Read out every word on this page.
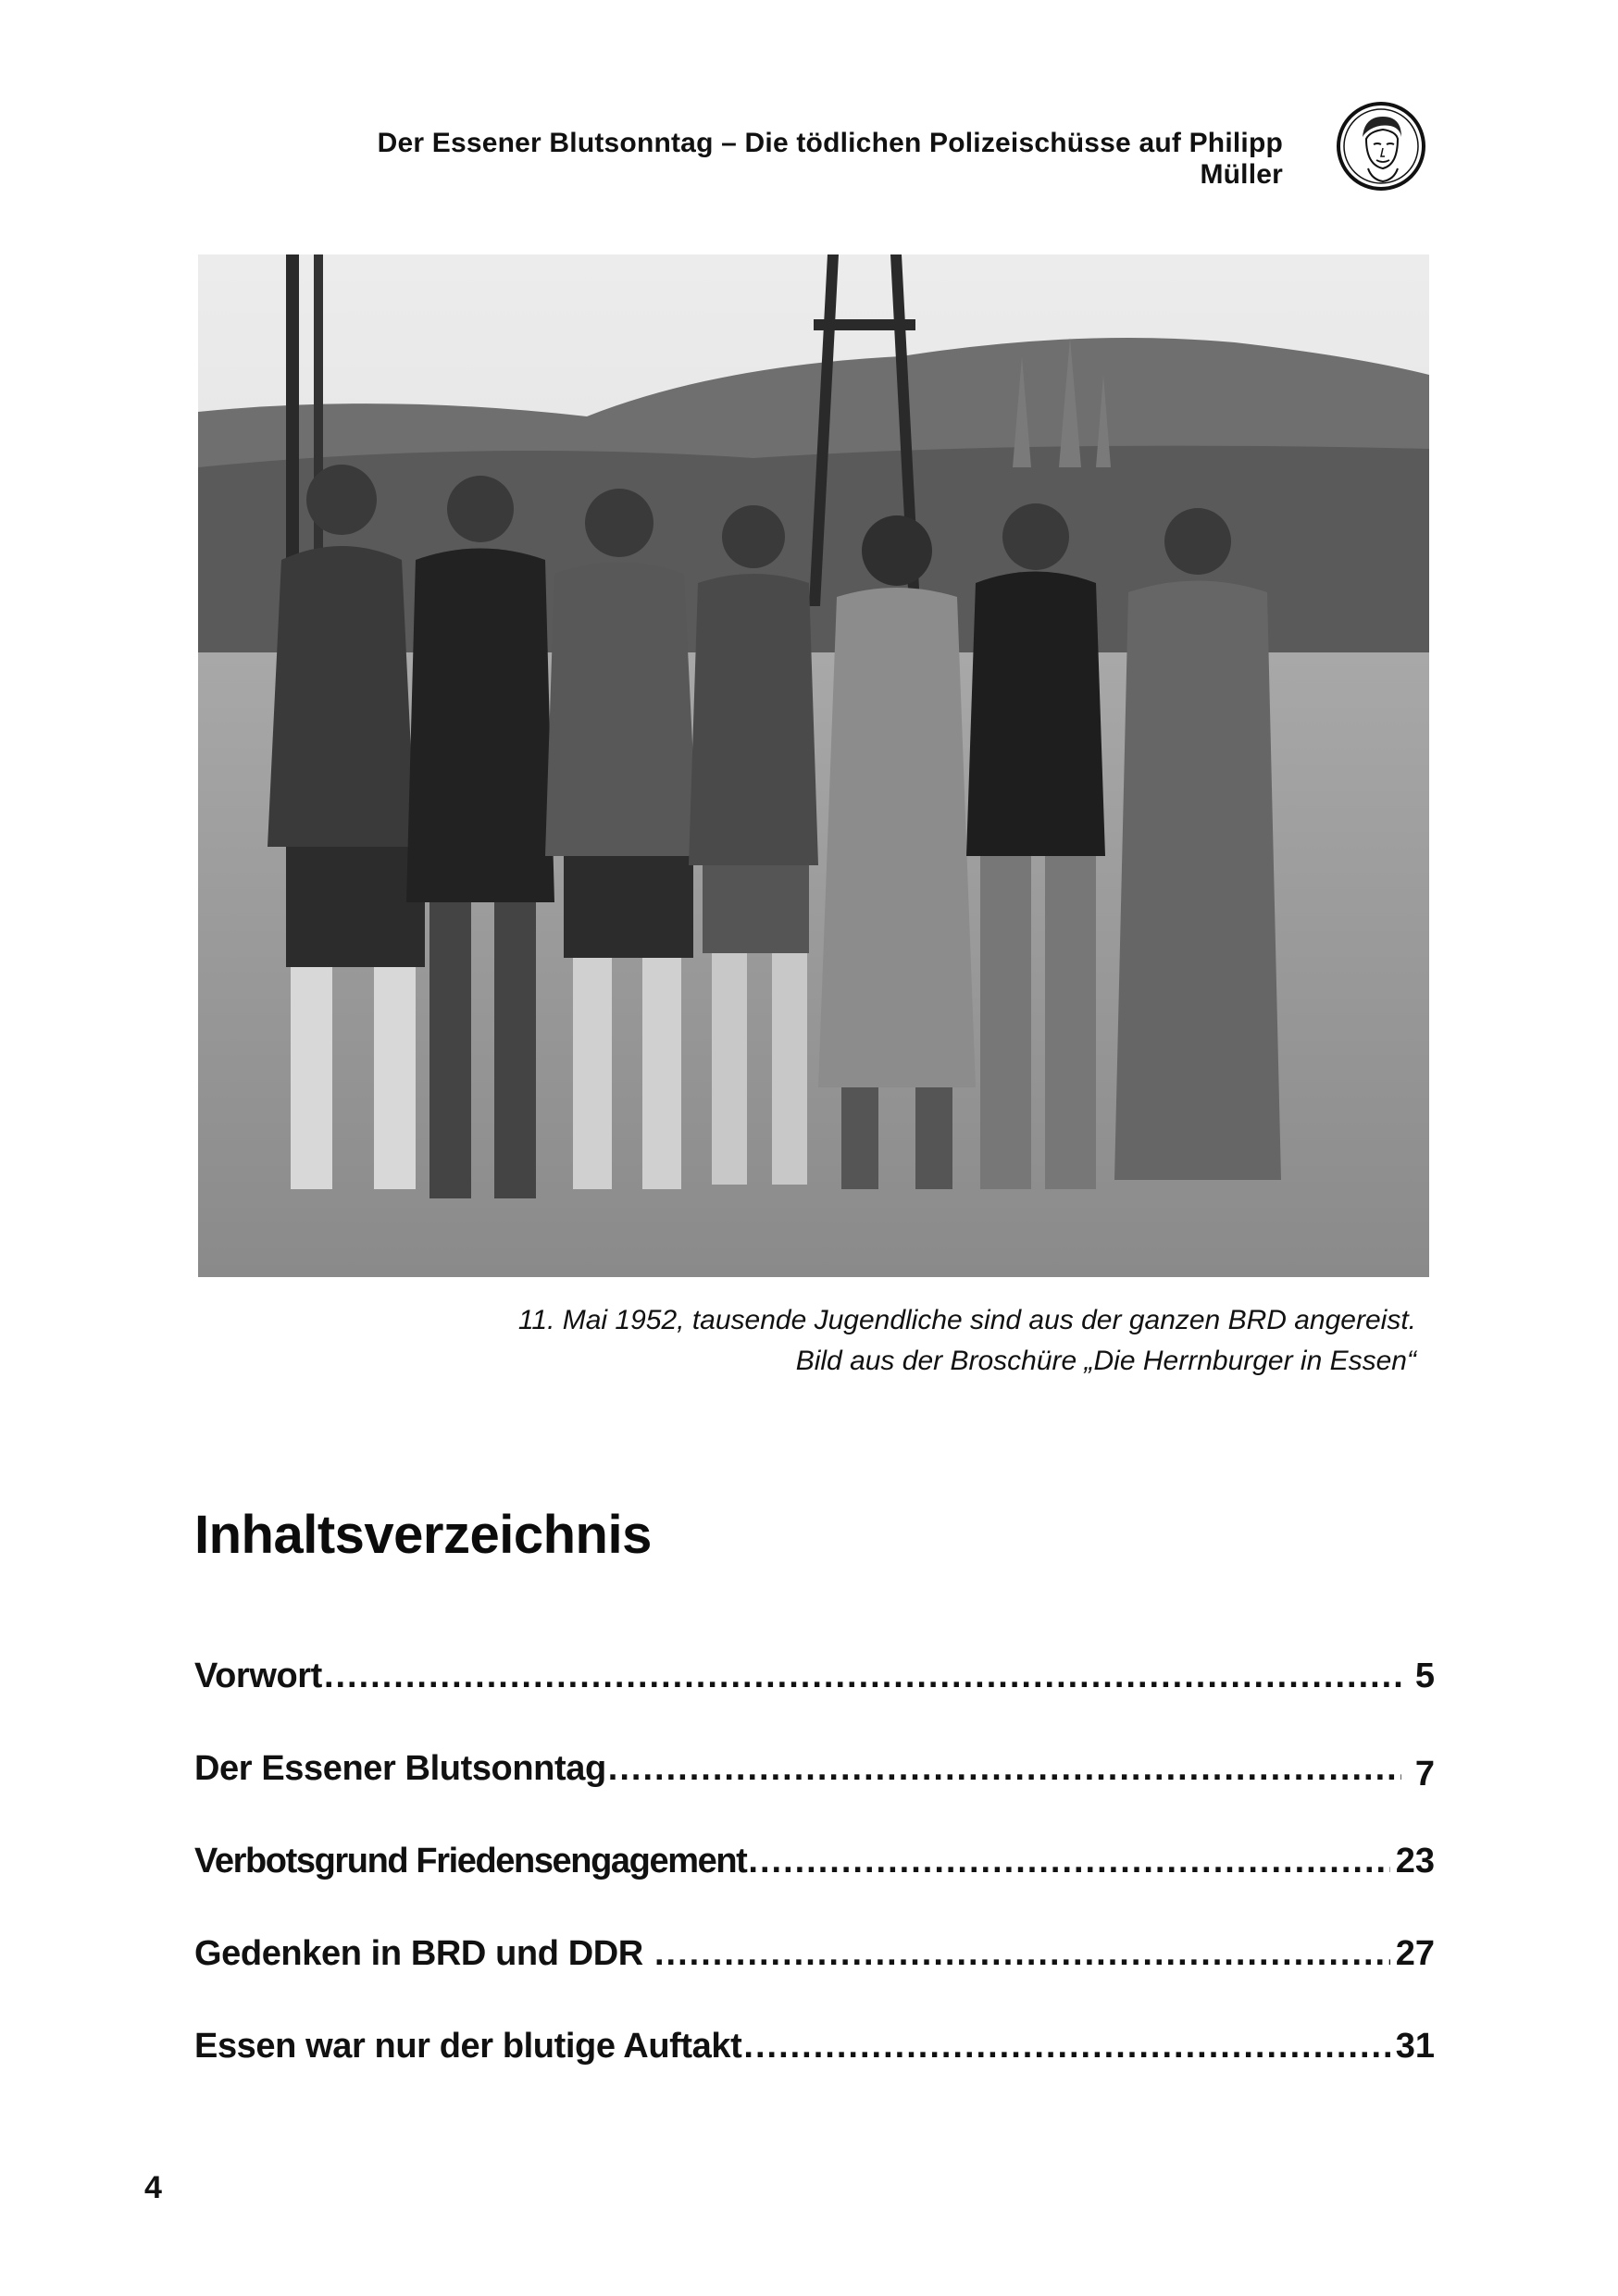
Der Essener Blutsonntag – Die tödlichen Polizeischüsse auf Philipp Müller
11. Mai 1952, tausende Jugendliche sind aus der ganzen BRD angereist.
Bild aus der Broschüre „Die Herrnburger in Essen“
Inhaltsverzeichnis
Vorwort .....	5
Der Essener Blutsonntag .....	7
Verbotsgrund Friedensengagement .....	23
Gedenken in BRD und DDR .....	27
Essen war nur der blutige Auftakt .....	31
4
